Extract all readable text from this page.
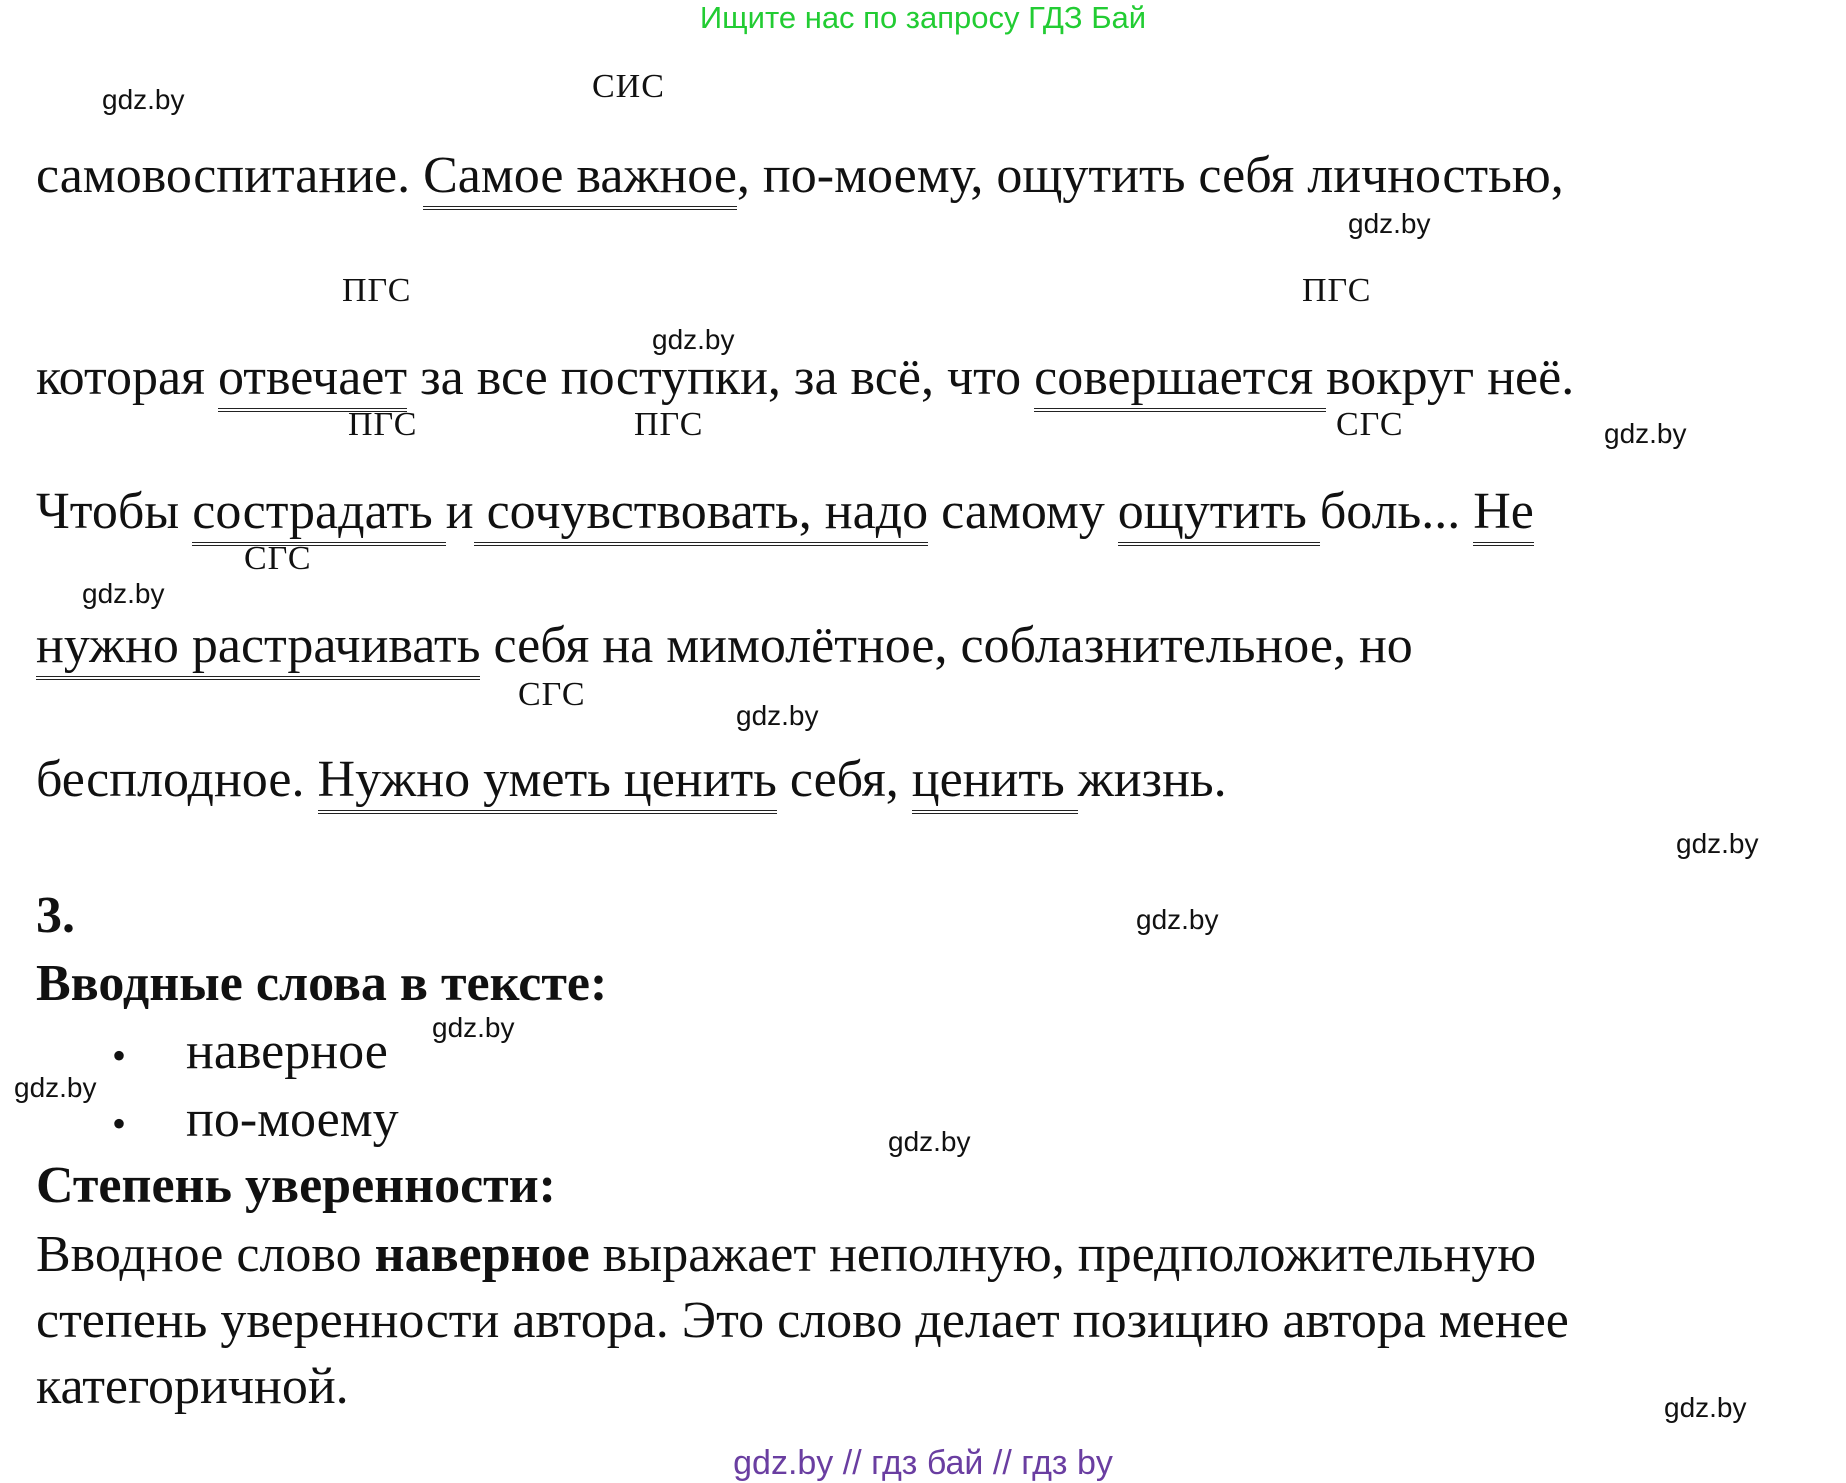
Ищите нас по запросу ГДЗ Бай
gdz.by
gdz.by
gdz.by
gdz.by
gdz.by
gdz.by
gdz.by
gdz.by
gdz.by
gdz.by
gdz.by
gdz.by
СИС
ПГС	ПГС
ПГС	ПГС	СГС
СГС
СГС
самовоспитание. Самое важное, по-моему, ощутить себя личностью,
которая отвечает за все поступки, за всё, что совершается вокруг неё.
Чтобы сострадать и сочувствовать, надо самому ощутить боль... Не
нужно растрачивать себя на мимолётное, соблазнительное, но
бесплодное. Нужно уметь ценить себя, ценить жизнь.
3.
Вводные слова в тексте:
• наверное
• по-моему
Степень уверенности:
Вводное слово наверное выражает неполную, предположительную
степень уверенности автора. Это слово делает позицию автора менее
категоричной.
gdz.by // гдз бай // гдз by
